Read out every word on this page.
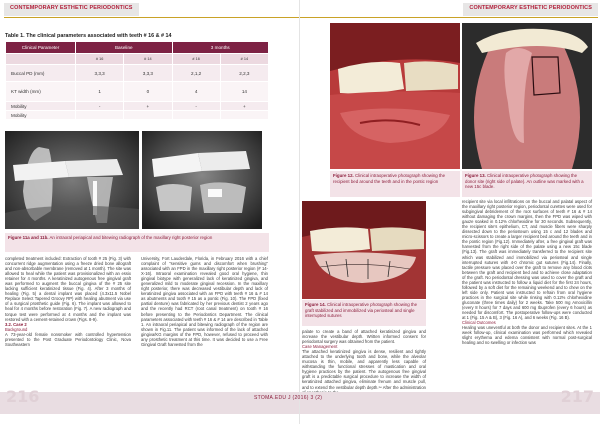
CONTEMPORARY ESTHETIC PERIODONTICS
Table 1. The clinical parameters associated with teeth # 16 & # 14
Clinical Parameter	Baseline		3 months	
	# 16	# 14	# 16	# 14
Buccal PD (mm)	3,3,3	3,3,3	2,1,2	2,2,3
KT width (mm)	1	0	4	14
Mobility	-	+	-	+
Mobility				
Figure 11a and 11b. An intraoral periapical and bitewing radiograph of the maxillary right posterior region

completed treatment included: Extraction of tooth # 25 (Fig. 3) with concurrent ridge augmentation using a freeze dried bone allograft and non-absorbable membrane (removed at 1 month). The site was allowed to heal while the patient was provisionalized with an essix retainer for 4 months. A keratinized autogenous free gingival graft was performed to augment the buccal gingiva of the # 25 site lacking sufficient keratinized tissue (Fig. 4). After 3 months of healing (Fig. 5) a dental implant was placed (4.3x11.5 Nobel Replace Select Tapered Groovy RP) with healing abutment via use of a surgical prosthetic guide (Fig. 6). The implant was allowed to heal for 4 months before restoration (Fig. 7). A new radiograph and torque test were performed at 4 months and the implant was restored with a cement-retained crown (Figs. 8-9).

3.2. Case 2
Background

A 73-year-old female nonsmoker with controlled hypertension presented to the Post Graduate Periodontology Clinic, Nova Southeastern

University, Fort Lauderdale, Florida, in February 2016 with a chief complaint of "sensitive gums and discomfort when brushing" associated with an FPD in the maxillary right posterior region (# 14-X-16). Intraoral examination revealed good oral hygiene, thin gingival biotype with generalized lack of keratinized gingiva, and generalized mild to moderate gingival recession. In the maxillary right posterior, there was decreased vestibular depth and lack of keratinized gingiva associated with an FPD with teeth # 16 & # 14 as abutments and tooth # 15 as a pontic (Fig. 10). The FPD (fixed partial denture) was fabricated by her previous dentist 2 years ago and the recently had RCT (root canal treatment) on tooth # 16 before presenting to the Periodontics Department. The clinical parameters associated with teeth # 16 & # 14 are described in Table 1. An intraoral periapical and bitewing radiograph of the region are shown in Fig.11. The patient was informed of the lack of attached gingiva/KG margins of the FPD, however, refused to proceed with any prosthetic treatment at this time. It was decided to use a Free Gingival Graft harvested from the

216
CONTEMPORARY ESTHETIC PERIODONTICS
Figure 12. Clinical intraoperative photograph showing the recipient bed around the teeth and in the pontic region
Figure 13. Clinical intraoperative photograph showing the donor site (right side of palate). An outline was marked with a new 15c blade.
Figure 14. Clinical intraoperative photograph showing the graft stabilized and immobilized via periosteal and single interrupted sutures

palate to create a band of attached keratinized gingiva and increase the vestibular depth. Written informed consent for periodontal surgery was obtained from the patient.

Case Management

The attached keratinized gingiva is dense, resilient and tightly attached to the underlying tooth and bone, while the alveolar mucosa is thin, mobile, and apparently less capable of withstanding the functional stresses of mastication and oral hygiene practices by the patient. The autogenous free gingival graft is a predictable surgical procedure to increase the width of keratinized attached gingiva, eliminate frenum and muscle pull, and to extend the vestibular depth depth.¹⁴ After the administration

recipient site via local infiltrations on the buccal and palatal aspect of the maxillary right posterior region, periodontal curettes were used for subgingival debridement of the root surfaces of teeth # 16 & # 14 without damaging the crown margins, then the FPD was wiped with gauze soaked in 0.12% chlorhexidine for 30 seconds. Subsequently, the recipient site's epithelium, CT, and muscle fibers were sharply dissected down to the periosteum using 15 c and 12 blades and micro-scissors to create a larger recipient bed around the teeth and in the pontic region (Fig.12). Immediately after, a free gingival graft was harvested from the right side of the palate using a new 15c blade (Fig.13). The graft was immediately transferred to the recipient site which was stabilized and immobilized via periosteal and single interrupted sutures with 4-0 chromic gut sutures (Fig.14). Finally, tactile pressure was placed over the graft to remove any blood clots between the graft and recipient bed and to achieve close adaptation of the graft. No periodontal dressing was used to cover the graft and the patient was instructed to follow a liquid diet for the first 24 hours, followed by a soft diet for the remaining weekend and to chew on the left side only. Patient was instructed to refrain from oral hygiene practices in the surgical site while rinsing with 0.12% chlorhexidine gluconate (three times daily) for 2 weeks. Take 500 mg Amoxicillin (every 8 hours) for 7 days and 600 mg Ibuprofen (every 6 hours) as needed for discomfort. The postoperative follow-ups were conducted at 1 (Fig. 15 A & B), 3 (Fig. 16 A), and 6 weeks (Fig. 16 B).

Clinical Outcomes

Healing was uneventful at both the donor and recipient sites. At the 1 week follow-up, clinical examination was performed which revealed slight erythema and edema consistent with normal post-surgical healing and no swelling or infection was

217
STOMA.EDU J (2016) 3 (2)
